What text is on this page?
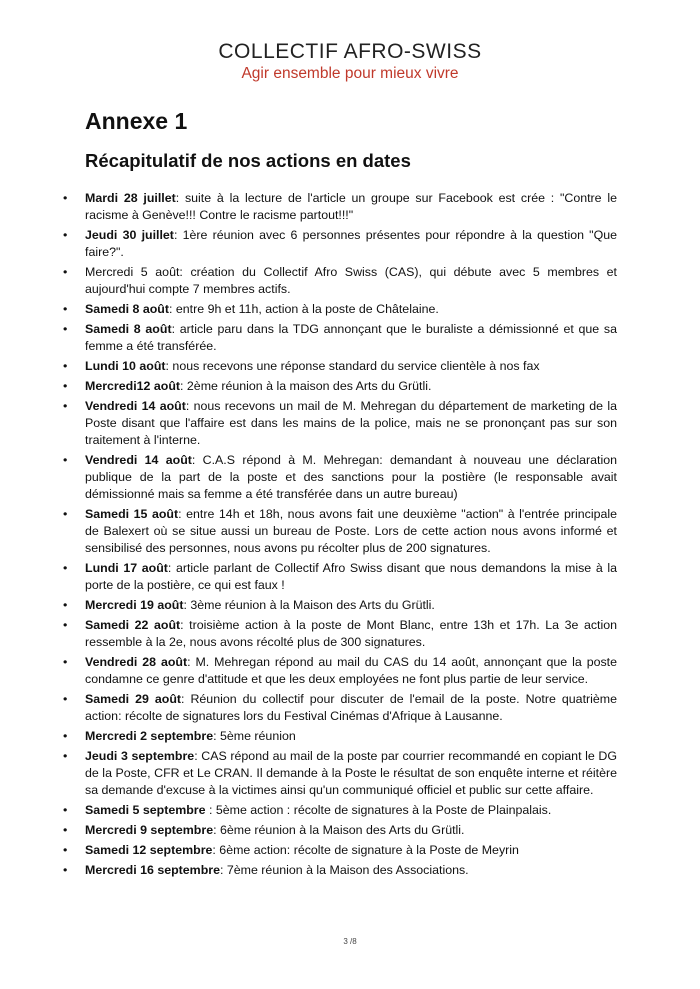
COLLECTIF AFRO-SWISS
Agir ensemble pour mieux vivre
Annexe 1
Récapitulatif de nos actions en dates
• Mardi 28 juillet: suite à la lecture de l'article un groupe sur Facebook est crée : "Contre le racisme à Genève!!! Contre le racisme partout!!!"
• Jeudi 30 juillet: 1ère réunion avec 6 personnes présentes pour répondre à la question "Que faire?".
• Mercredi 5 août: création du Collectif Afro Swiss (CAS), qui débute avec 5 membres et aujourd'hui compte 7 membres actifs.
• Samedi 8 août: entre 9h et 11h, action à la poste de Châtelaine.
• Samedi 8 août: article paru dans la TDG annonçant que le buraliste a démissionné et que sa femme a été transférée.
• Lundi 10 août: nous recevons une réponse standard du service clientèle à nos fax
• Mercredi12 août: 2ème réunion à la maison des Arts du Grütli.
• Vendredi 14 août: nous recevons un mail de M. Mehregan du département de marketing de la Poste disant que l'affaire est dans les mains de la police, mais ne se prononçant pas sur son traitement à l'interne.
• Vendredi 14 août: C.A.S répond à M. Mehregan: demandant à nouveau une déclaration publique de la part de la poste et des sanctions pour la postière (le responsable avait démissionné mais sa femme a été transférée dans un autre bureau)
• Samedi 15 août: entre 14h et 18h, nous avons fait une deuxième "action" à l'entrée principale de Balexert où se situe aussi un bureau de Poste. Lors de cette action nous avons informé et sensibilisé des personnes, nous avons pu récolter plus de 200 signatures.
• Lundi 17 août: article parlant de Collectif Afro Swiss disant que nous demandons la mise à la porte de la postière, ce qui est faux !
• Mercredi 19 août: 3ème réunion à la Maison des Arts du Grütli.
• Samedi 22 août: troisième action à la poste de Mont Blanc, entre 13h et 17h. La 3e action ressemble à la 2e, nous avons récolté plus de 300 signatures.
• Vendredi 28 août: M. Mehregan répond au mail du CAS du 14 août, annonçant que la poste condamne ce genre d'attitude et que les deux employées ne font plus partie de leur service.
• Samedi 29 août: Réunion du collectif pour discuter de l'email de la poste. Notre quatrième action: récolte de signatures lors du Festival Cinémas d'Afrique à Lausanne.
• Mercredi 2 septembre: 5ème réunion
• Jeudi 3 septembre: CAS répond au mail de la poste par courrier recommandé en copiant le DG de la Poste, CFR et Le CRAN. Il demande à la Poste le résultat de son enquête interne et réitère sa demande d'excuse à la victimes ainsi qu'un communiqué officiel et public sur cette affaire.
• Samedi 5 septembre : 5ème action : récolte de signatures à la Poste de Plainpalais.
• Mercredi 9 septembre: 6ème réunion à la Maison des Arts du Grütli.
• Samedi 12 septembre: 6ème action: récolte de signature à la Poste de Meyrin
• Mercredi 16 septembre: 7ème réunion à la Maison des Associations.
3 /8
